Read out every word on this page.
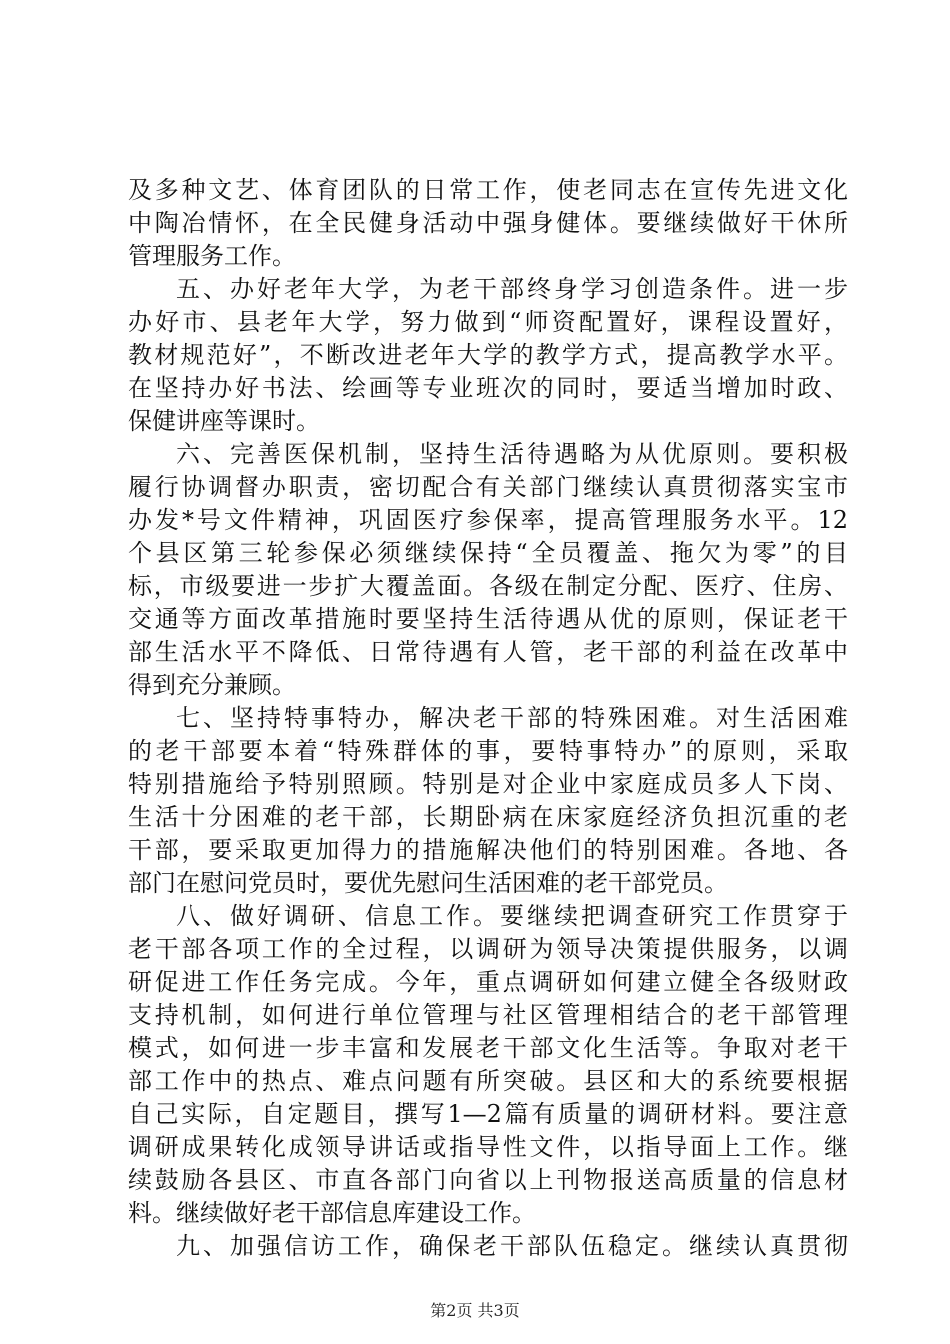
及多种文艺、体育团队的日常工作，使老同志在宣传先进文化
中陶冶情怀，在全民健身活动中强身健体。要继续做好干休所
管理服务工作。
五、办好老年大学，为老干部终身学习创造条件。进一步
办好市、县老年大学，努力做到“师资配置好，课程设置好，
教材规范好”，不断改进老年大学的教学方式，提高教学水平。
在坚持办好书法、绘画等专业班次的同时，要适当增加时政、
保健讲座等课时。
六、完善医保机制，坚持生活待遇略为从优原则。要积极
履行协调督办职责，密切配合有关部门继续认真贯彻落实宝市
办发*号文件精神，巩固医疗参保率，提高管理服务水平。12
个县区第三轮参保必须继续保持“全员覆盖、拖欠为零”的目
标，市级要进一步扩大覆盖面。各级在制定分配、医疗、住房、
交通等方面改革措施时要坚持生活待遇从优的原则，保证老干
部生活水平不降低、日常待遇有人管，老干部的利益在改革中
得到充分兼顾。
七、坚持特事特办，解决老干部的特殊困难。对生活困难
的老干部要本着“特殊群体的事，要特事特办”的原则，采取
特别措施给予特别照顾。特别是对企业中家庭成员多人下岗、
生活十分困难的老干部，长期卧病在床家庭经济负担沉重的老
干部，要采取更加得力的措施解决他们的特别困难。各地、各
部门在慰问党员时，要优先慰问生活困难的老干部党员。
八、做好调研、信息工作。要继续把调查研究工作贯穿于
老干部各项工作的全过程，以调研为领导决策提供服务，以调
研促进工作任务完成。今年，重点调研如何建立健全各级财政
支持机制，如何进行单位管理与社区管理相结合的老干部管理
模式，如何进一步丰富和发展老干部文化生活等。争取对老干
部工作中的热点、难点问题有所突破。县区和大的系统要根据
自己实际，自定题目，撰写1—2篇有质量的调研材料。要注意
调研成果转化成领导讲话或指导性文件，以指导面上工作。继
续鼓励各县区、市直各部门向省以上刊物报送高质量的信息材
料。继续做好老干部信息库建设工作。
九、加强信访工作，确保老干部队伍稳定。继续认真贯彻
第2页 共3页
